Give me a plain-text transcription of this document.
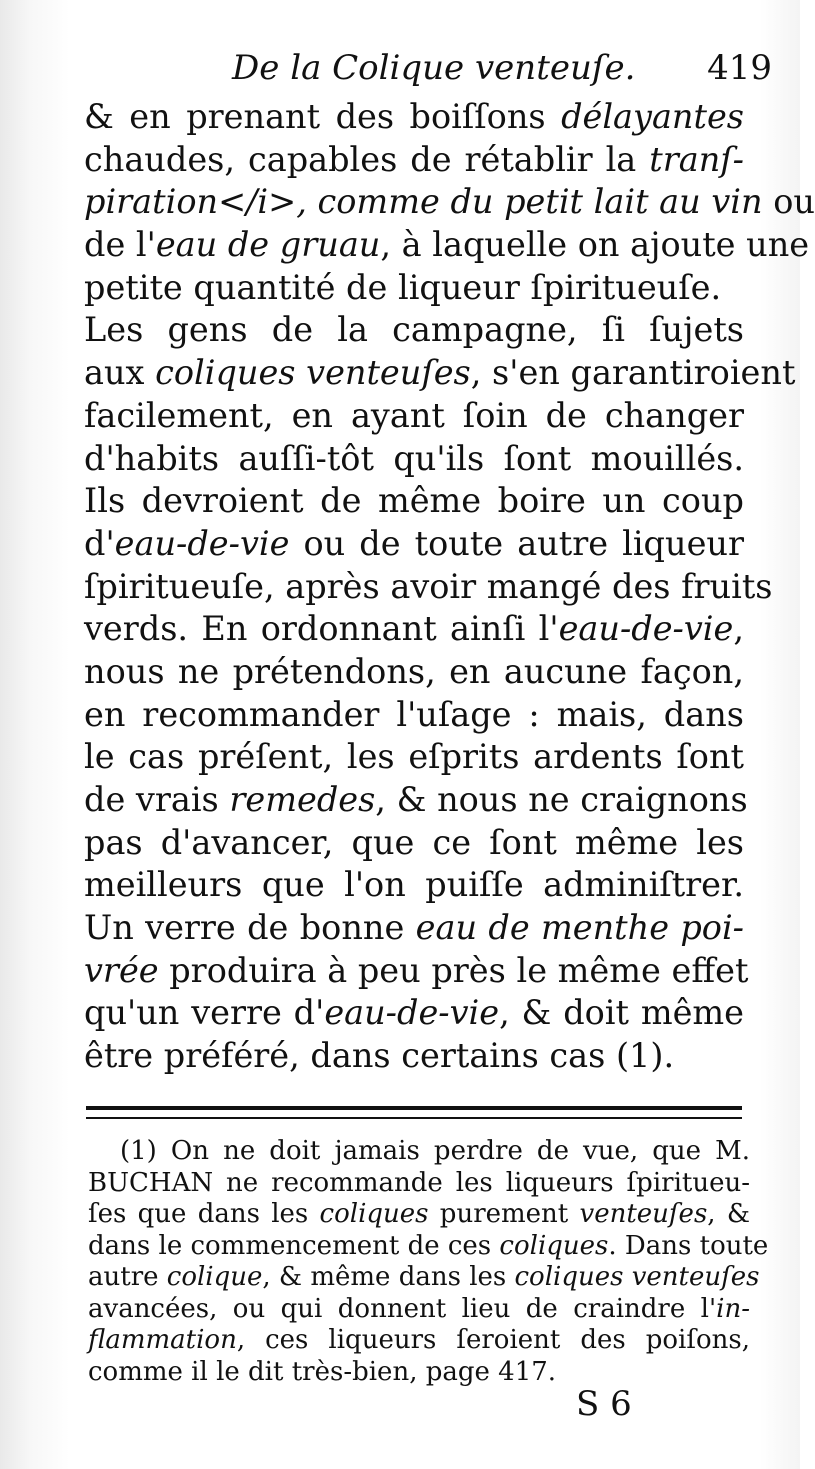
De la Colique venteuſe. 419
& en prenant des boiſſons délayantes
chaudes, capables de rétablir la tranſ-
piration</i>, comme du petit lait au vin ou
de l'eau de gruau, à laquelle on ajoute une
petite quantité de liqueur ſpiritueuſe.
Les gens de la campagne, ſi ſujets
aux coliques venteuſes, s'en garantiroient
facilement, en ayant ſoin de changer
d'habits auſſi-tôt qu'ils ſont mouillés.
Ils devroient de même boire un coup
d'eau-de-vie ou de toute autre liqueur
ſpiritueuſe, après avoir mangé des fruits
verds. En ordonnant ainſi l'eau-de-vie,
nous ne prétendons, en aucune façon,
en recommander l'uſage : mais, dans
le cas préſent, les eſprits ardents ſont
de vrais remedes, & nous ne craignons
pas d'avancer, que ce ſont même les
meilleurs que l'on puiſſe adminiſtrer.
Un verre de bonne eau de menthe poi-
vrée produira à peu près le même effet
qu'un verre d'eau-de-vie, & doit même
être préféré, dans certains cas (1).
(1) On ne doit jamais perdre de vue, que M.
BUCHAN ne recommande les liqueurs ſpiritueu-
ſes que dans les coliques purement venteuſes, &
dans le commencement de ces coliques. Dans toute
autre colique, & même dans les coliques venteuſes
avancées, ou qui donnent lieu de craindre l'in-
flammation, ces liqueurs ſeroient des poiſons,
comme il le dit très-bien, page 417.
S 6
